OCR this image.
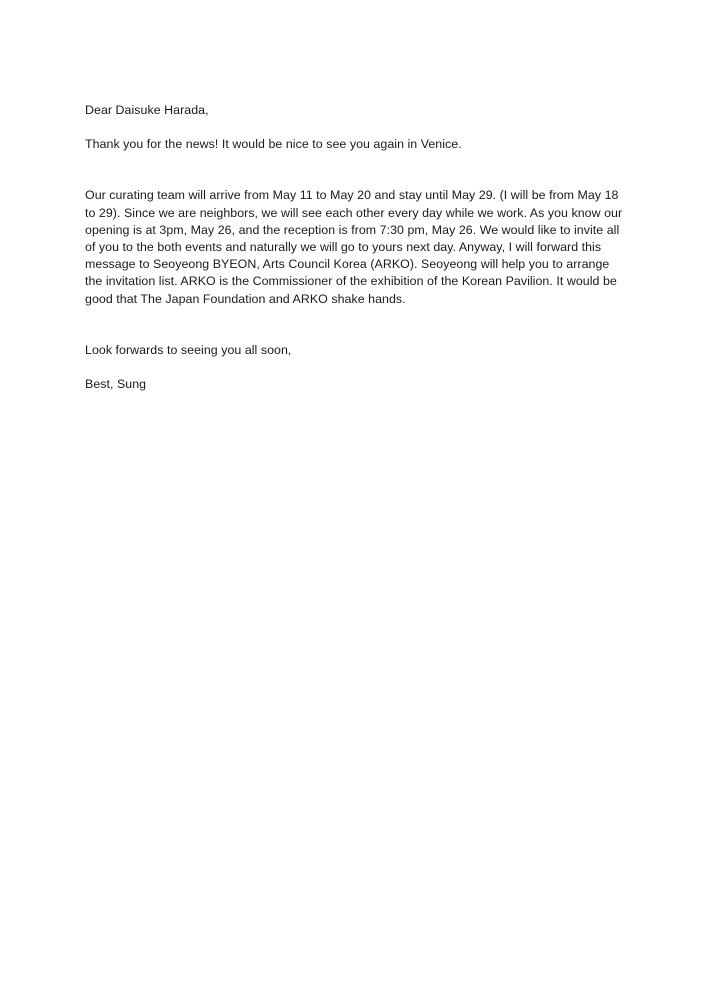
Dear Daisuke Harada,

Thank you for the news! It would be nice to see you again in Venice.

Our curating team will arrive from May 11 to May 20 and stay until May 29. (I will be from May 18 to 29). Since we are neighbors, we will see each other every day while we work. As you know our opening is at 3pm, May 26, and the reception is from 7:30 pm, May 26. We would like to invite all of you to the both events and naturally we will go to yours next day. Anyway, I will forward this message to Seoyeong BYEON, Arts Council Korea (ARKO). Seoyeong will help you to arrange the invitation list. ARKO is the Commissioner of the exhibition of the Korean Pavilion. It would be good that The Japan Foundation and ARKO shake hands.

Look forwards to seeing you all soon,

Best, Sung
